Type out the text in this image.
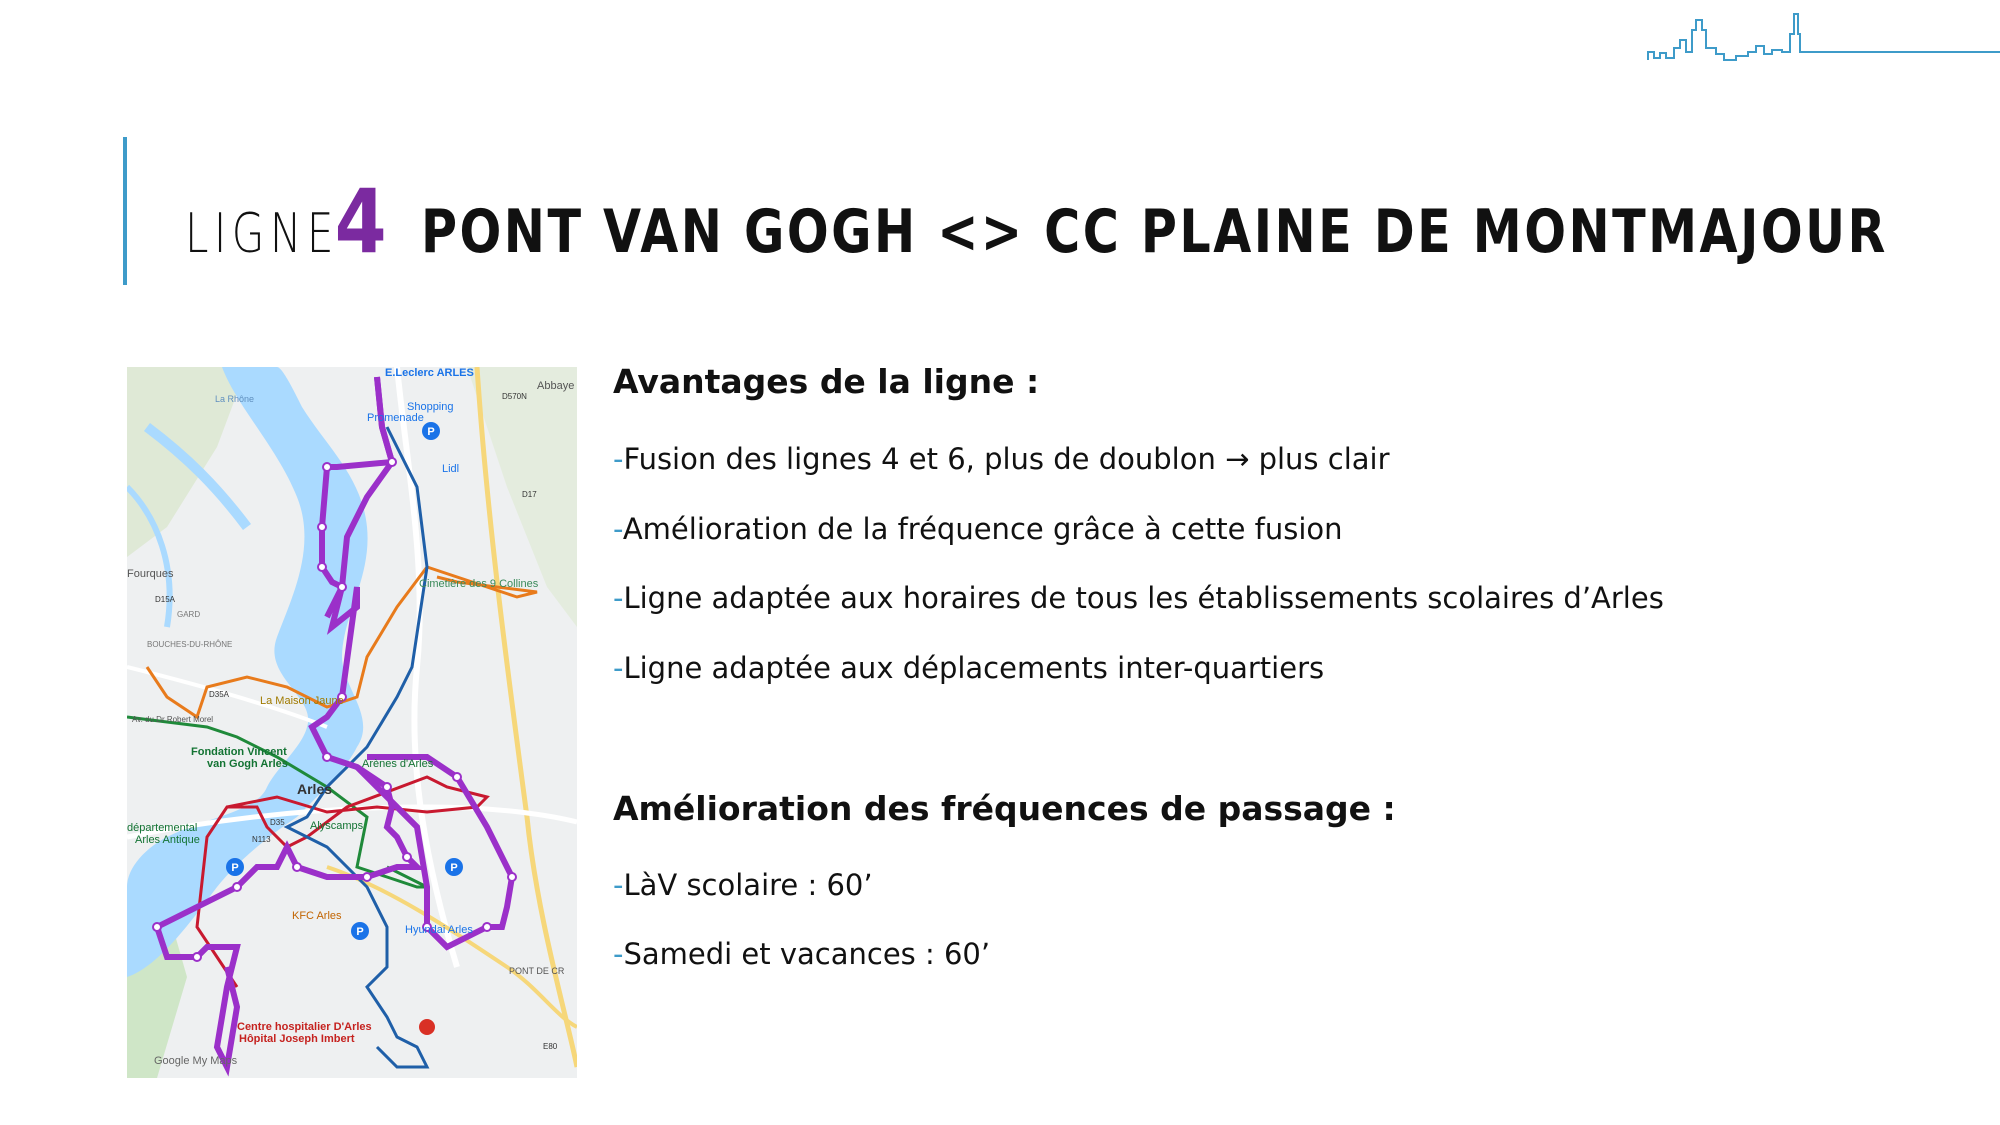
LIGNE
4 PONT VAN GOGH <> CC PLAINE DE MONTMAJOUR
P
P	P
P
E.Leclerc ARLES
Abbaye
Shopping
Promenade
Lidl
Fourques
La Rhône
Cimetière des 9 Collines
La Maison Jaune
Fondation Vincent
van Gogh Arles	Arènes d'Arles
Arles
départemental
Arles Antique
Alyscamps
KFC Arles
Hyundai Arles
PONT DE CR
Centre hospitalier D'Arles
Hôpital Joseph Imbert
Google My Maps
BOUCHES-DU-RHÔNE
GARD
Av. du Dr Robert Morel
D570N
D17
D15A
D35A
N113
D35
E80

Avantages de la ligne :

-Fusion des lignes 4 et 6, plus de doublon → plus clair

-Amélioration de la fréquence grâce à cette fusion

-Ligne adaptée aux horaires de tous les établissements scolaires d’Arles

-Ligne adaptée aux déplacements inter-quartiers

Amélioration des fréquences de passage :

-LàV scolaire : 60’

-Samedi et vacances : 60’
